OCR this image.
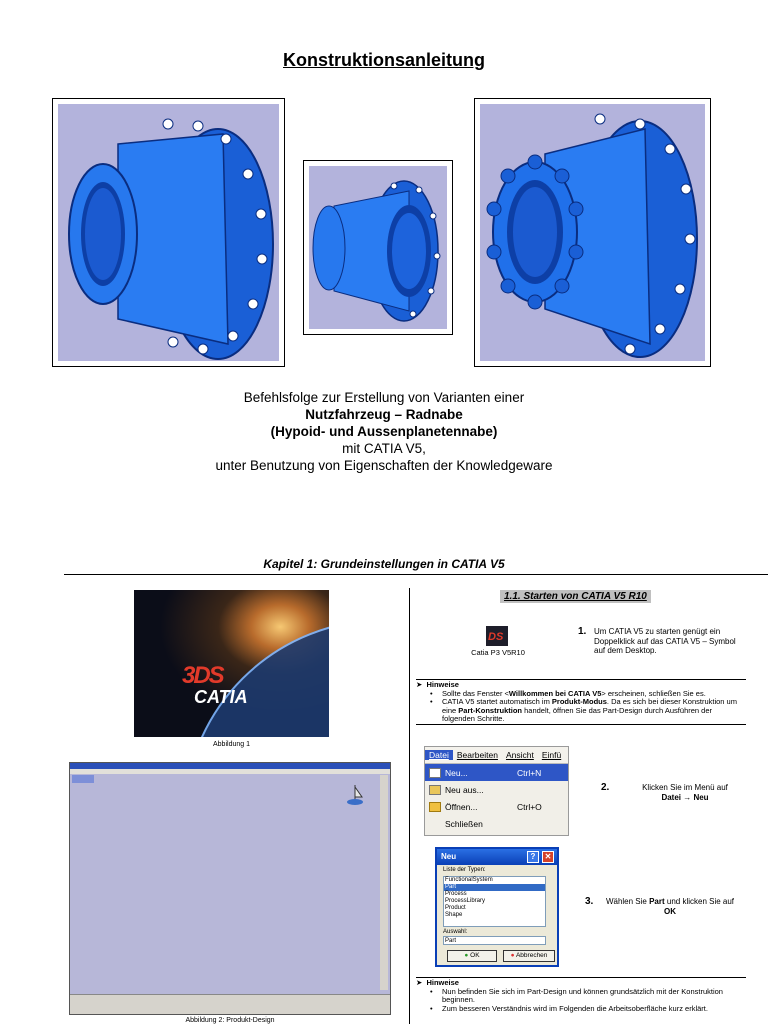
Konstruktionsanleitung
Befehlsfolge zur Erstellung von Varianten einer
Nutzfahrzeug – Radnabe
(Hypoid- und Aussenplanetennabe)
mit CATIA V5,
unter Benutzung von Eigenschaften der Knowledgeware
Kapitel 1: Grundeinstellungen in CATIA V5
3DS
CATIA
Abbildung 1
Abbildung 2: Produkt-Design
1.1. Starten von CATIA V5 R10
DS
Catia P3 V5R10
1. Um CATIA V5 zu starten genügt ein Doppelklick auf das CATIA V5 – Symbol auf dem Desktop.
➤ Hinweise
• Sollte das Fenster <Willkommen bei CATIA V5> erscheinen, schließen Sie es.
• CATIA V5 startet automatisch im Produkt-Modus. Da es sich bei dieser Konstruktion um eine Part-Konstruktion handelt, öffnen Sie das Part-Design durch Ausführen der folgenden Schritte.
Datei Bearbeiten Ansicht Einfü
Neu...	Ctrl+N
Neu aus...
Öffnen...	Ctrl+O
Schließen
2.	Klicken Sie im Menü auf
Datei → Neu
Neu	?	✕
Liste der Typen:
FunctionalSystem
Part
Process
ProcessLibrary
Product
Shape
Auswahl:
Part
● OK	● Abbrechen
3.	Wählen Sie Part und klicken Sie auf OK
➤ Hinweise
• Nun befinden Sie sich im Part-Design und können grundsätzlich mit der Konstruktion beginnen.
• Zum besseren Verständnis wird im Folgenden die Arbeitsoberfläche kurz erklärt.
